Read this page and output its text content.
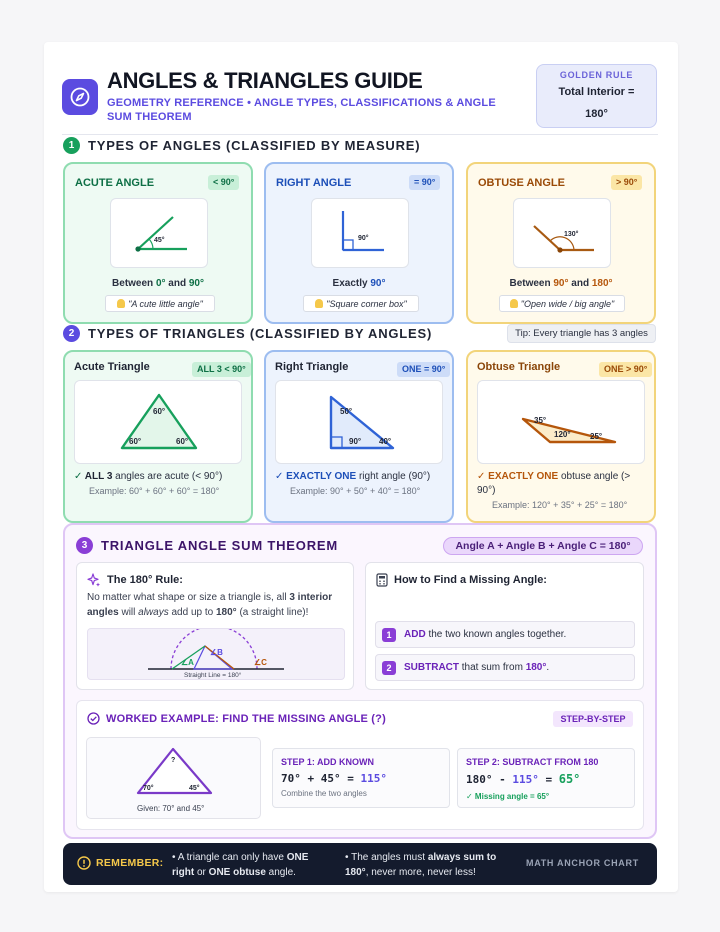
ANGLES & TRIANGLES GUIDE
GEOMETRY REFERENCE • ANGLE TYPES, CLASSIFICATIONS & ANGLE SUM THEOREM
GOLDEN RULE
Total Interior =
180°
1	TYPES OF ANGLES (CLASSIFIED BY MEASURE)
ACUTE ANGLE	< 90°
45°
Between 0° and 90°
"A cute little angle"
RIGHT ANGLE	= 90°
90°
Exactly 90°
"Square corner box"
OBTUSE ANGLE	> 90°
130°
Between 90° and 180°
"Open wide / big angle"
2	TYPES OF TRIANGLES (CLASSIFIED BY ANGLES)	Tip: Every triangle has 3 angles
Acute Triangle	ALL 3 < 90°
60°
60°	60°
✓ ALL 3 angles are acute (< 90°)
Example: 60° + 60° + 60° = 180°
Right Triangle	ONE = 90°
50°
90° 40°
✓ EXACTLY ONE right angle (90°)
Example: 90° + 50° + 40° = 180°
Obtuse Triangle	ONE > 90°
35°
120° 25°
✓ EXACTLY ONE obtuse angle (> 90°)
Example: 120° + 35° + 25° = 180°
3	TRIANGLE ANGLE SUM THEOREM	Angle A + Angle B + Angle C = 180°
The 180° Rule:
No matter what shape or size a triangle is, all 3 interior angles will always add up to 180° (a straight line)!
∠A
∠B
∠C
Straight Line = 180°
How to Find a Missing Angle:
1	ADD the two known angles together.
2	SUBTRACT that sum from 180°.
WORKED EXAMPLE: FIND THE MISSING ANGLE (?)	STEP-BY-STEP
?
70°	45°
Given: 70° and 45°
STEP 1: ADD KNOWN
70° + 45° = 115°
Combine the two angles
STEP 2: SUBTRACT FROM 180
180° - 115° = 65°
✓ Missing angle = 65°
REMEMBER: • A triangle can only have ONE right or ONE obtuse angle.
• The angles must always sum to 180°, never more, never less!
MATH ANCHOR CHART
